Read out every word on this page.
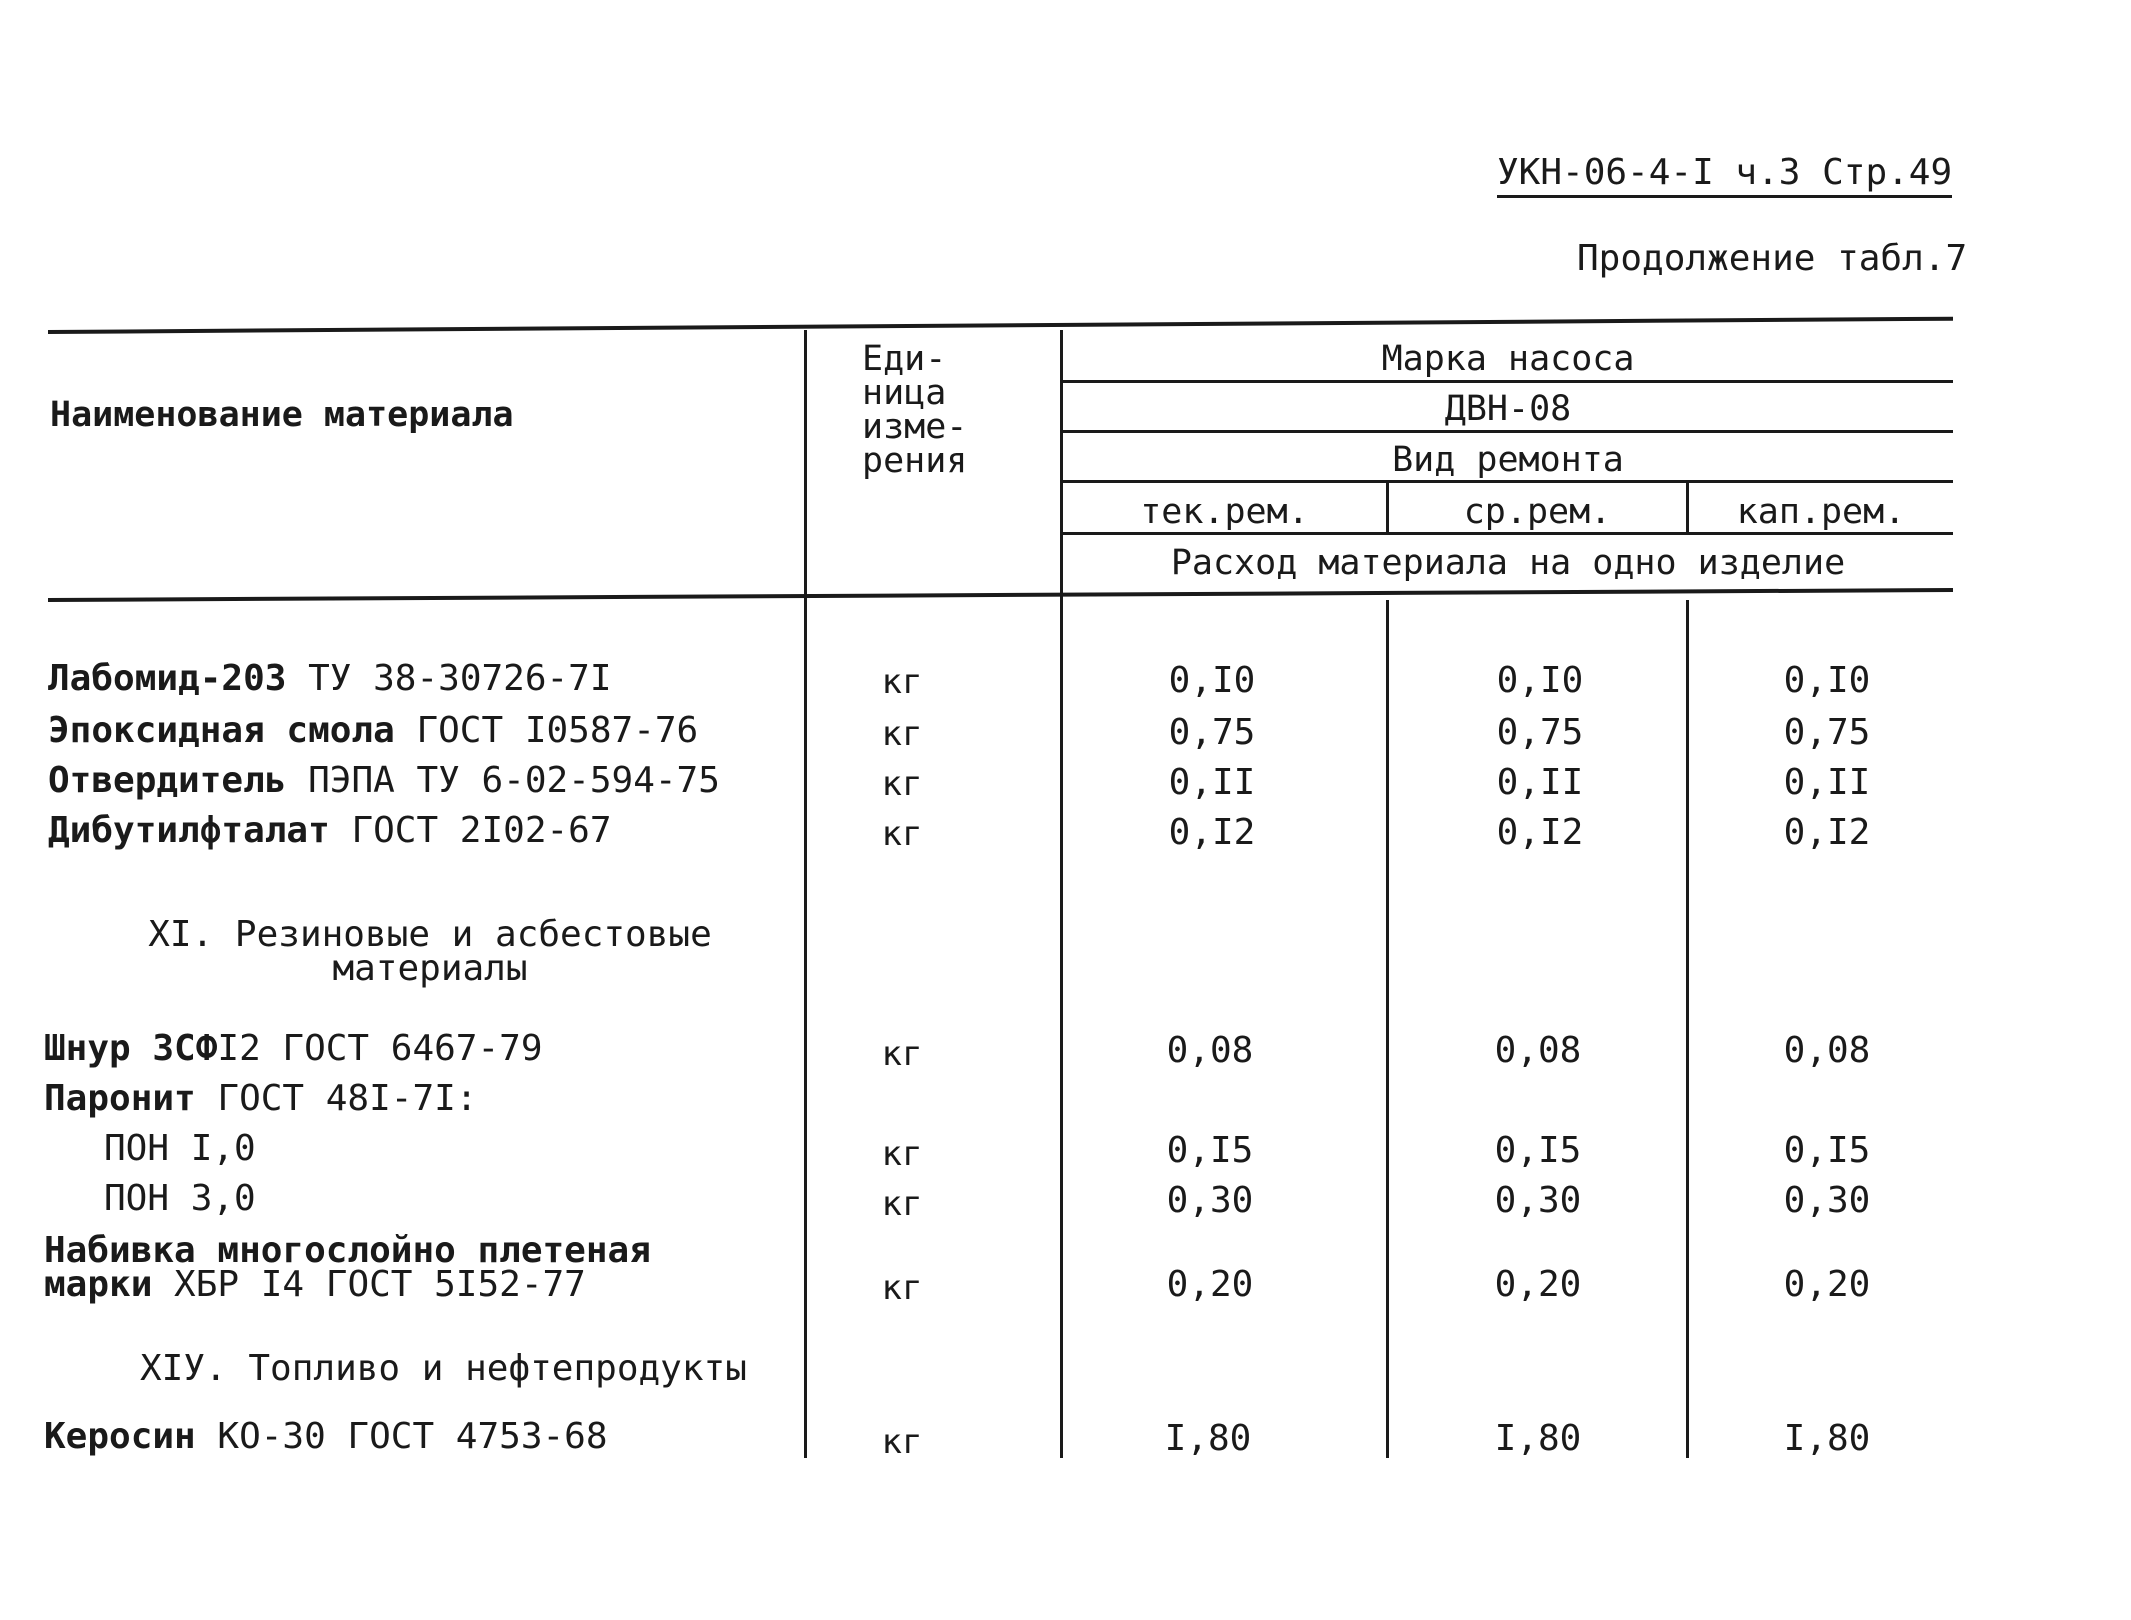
УКН-06-4-I ч.3 Стр.49
Продолжение табл.7
Наименование материала
Еди-
ница
изме-
рения
Марка насоса
ДВН-08
Вид ремонта
тек.рем.	ср.рем.	кап.рем.
Расход материала на одно изделие
Лабомид-203 ТУ 38-30726-7I	кг	0,I0	0,I0	0,I0
Эпоксидная смола ГОСТ I0587-76	кг	0,75	0,75	0,75
Отвердитель ПЭПА ТУ 6-02-594-75	кг	0,II	0,II	0,II
Дибутилфталат ГОСТ 2I02-67	кг	0,I2	0,I2	0,I2
XI. Резиновые и асбестовые
материалы
Шнур ЗСФI2 ГОСТ 6467-79	кг	0,08	0,08	0,08
Паронит ГОСТ 48I-7I:
ПОН I,0	кг	0,I5	0,I5	0,I5
ПОН 3,0	кг	0,30	0,30	0,30
Набивка многослойно плетеная
марки ХБР I4 ГОСТ 5I52-77	кг	0,20	0,20	0,20
XIУ. Топливо и нефтепродукты
Керосин КО-30 ГОСТ 4753-68	кг	I,80	I,80	I,80
